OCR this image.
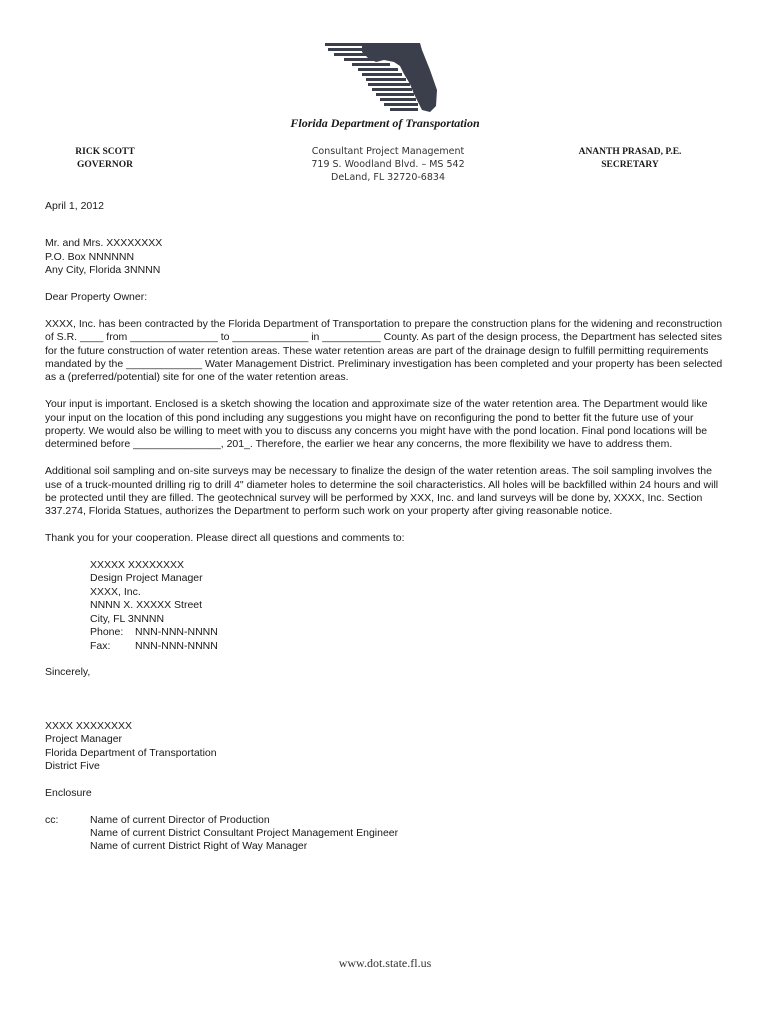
Florida Department of Transportation
RICK SCOTT
GOVERNOR
Consultant Project Management
719 S. Woodland Blvd. – MS 542
DeLand, FL 32720-6834
ANANTH PRASAD, P.E.
SECRETARY

April 1, 2012

Mr. and Mrs. XXXXXXXX

P.O. Box NNNNNN

Any City, Florida 3NNNN

Dear Property Owner:

XXXX, Inc. has been contracted by the Florida Department of Transportation to prepare the construction plans for the widening and reconstruction of S.R. ____ from _______________ to _____________ in __________ County. As part of the design process, the Department has selected sites for the future construction of water retention areas. These water retention areas are part of the drainage design to fulfill permitting requirements mandated by the _____________ Water Management District. Preliminary investigation has been completed and your property has been selected as a (preferred/potential) site for one of the water retention areas.

Your input is important. Enclosed is a sketch showing the location and approximate size of the water retention area. The Department would like your input on the location of this pond including any suggestions you might have on reconfiguring the pond to better fit the future use of your property. We would also be willing to meet with you to discuss any concerns you might have with the pond location. Final pond locations will be determined before _______________, 201_. Therefore, the earlier we hear any concerns, the more flexibility we have to address them.

Additional soil sampling and on-site surveys may be necessary to finalize the design of the water retention areas. The soil sampling involves the use of a truck-mounted drilling rig to drill 4" diameter holes to determine the soil characteristics. All holes will be backfilled within 24 hours and will be protected until they are filled. The geotechnical survey will be performed by XXX, Inc. and land surveys will be done by, XXXX, Inc. Section 337.274, Florida Statues, authorizes the Department to perform such work on your property after giving reasonable notice.

Thank you for your cooperation. Please direct all questions and comments to:

XXXXX XXXXXXXX

Design Project Manager

XXXX, Inc.

NNNN X. XXXXX Street

City, FL 3NNNN

Phone: NNN-NNN-NNNN

Fax: NNN-NNN-NNNN

Sincerely,

XXXX XXXXXXXX

Project Manager

Florida Department of Transportation

District Five

Enclosure

cc:	Name of current Director of Production

Name of current District Consultant Project Management Engineer

Name of current District Right of Way Manager

www.dot.state.fl.us
